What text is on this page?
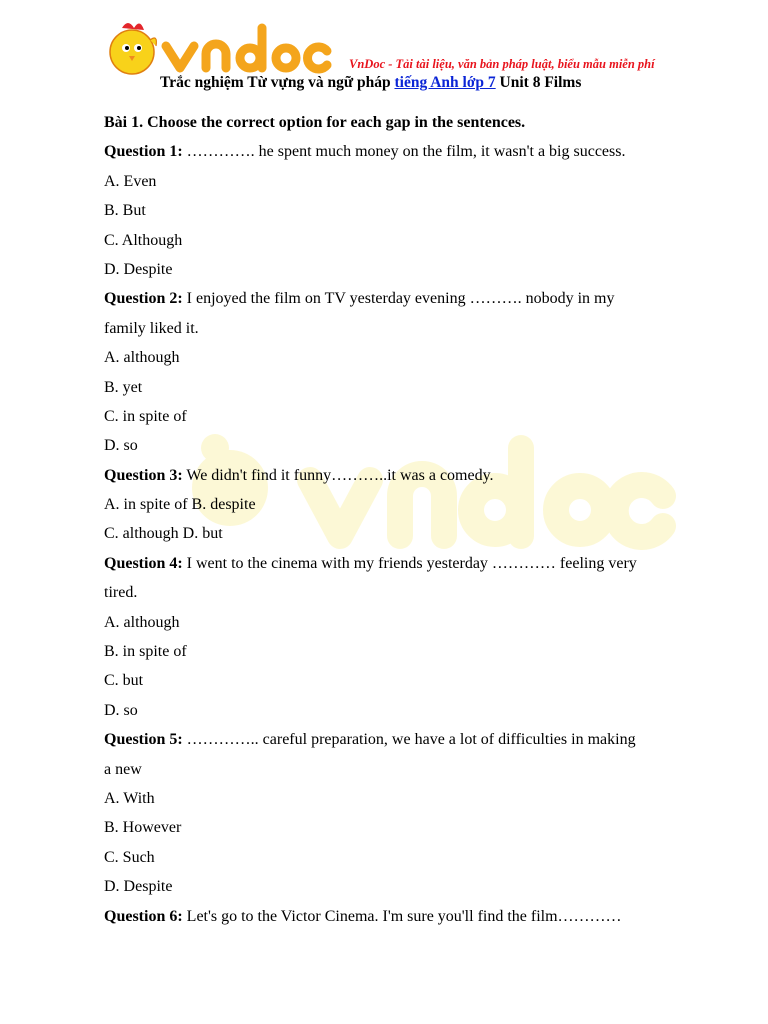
VnDoc - Tải tài liệu, văn bản pháp luật, biểu mẫu miễn phí
Trắc nghiệm Từ vựng và ngữ pháp tiếng Anh lớp 7 Unit 8 Films
Bài 1. Choose the correct option for each gap in the sentences.
Question 1: …………. he spent much money on the film, it wasn't a big success.
A. Even
B. But
C. Although
D. Despite
Question 2: I enjoyed the film on TV yesterday evening ………. nobody in my
family liked it.
A. although
B. yet
C. in spite of
D. so
Question 3: We didn't find it funny………..it was a comedy.
A. in spite of B. despite
C. although D. but
Question 4: I went to the cinema with my friends yesterday ………… feeling very
tired.
A. although
B. in spite of
C. but
D. so
Question 5: ………….. careful preparation, we have a lot of difficulties in making
a new
A. With
B. However
C. Such
D. Despite
Question 6: Let's go to the Victor Cinema. I'm sure you'll find the film…………
